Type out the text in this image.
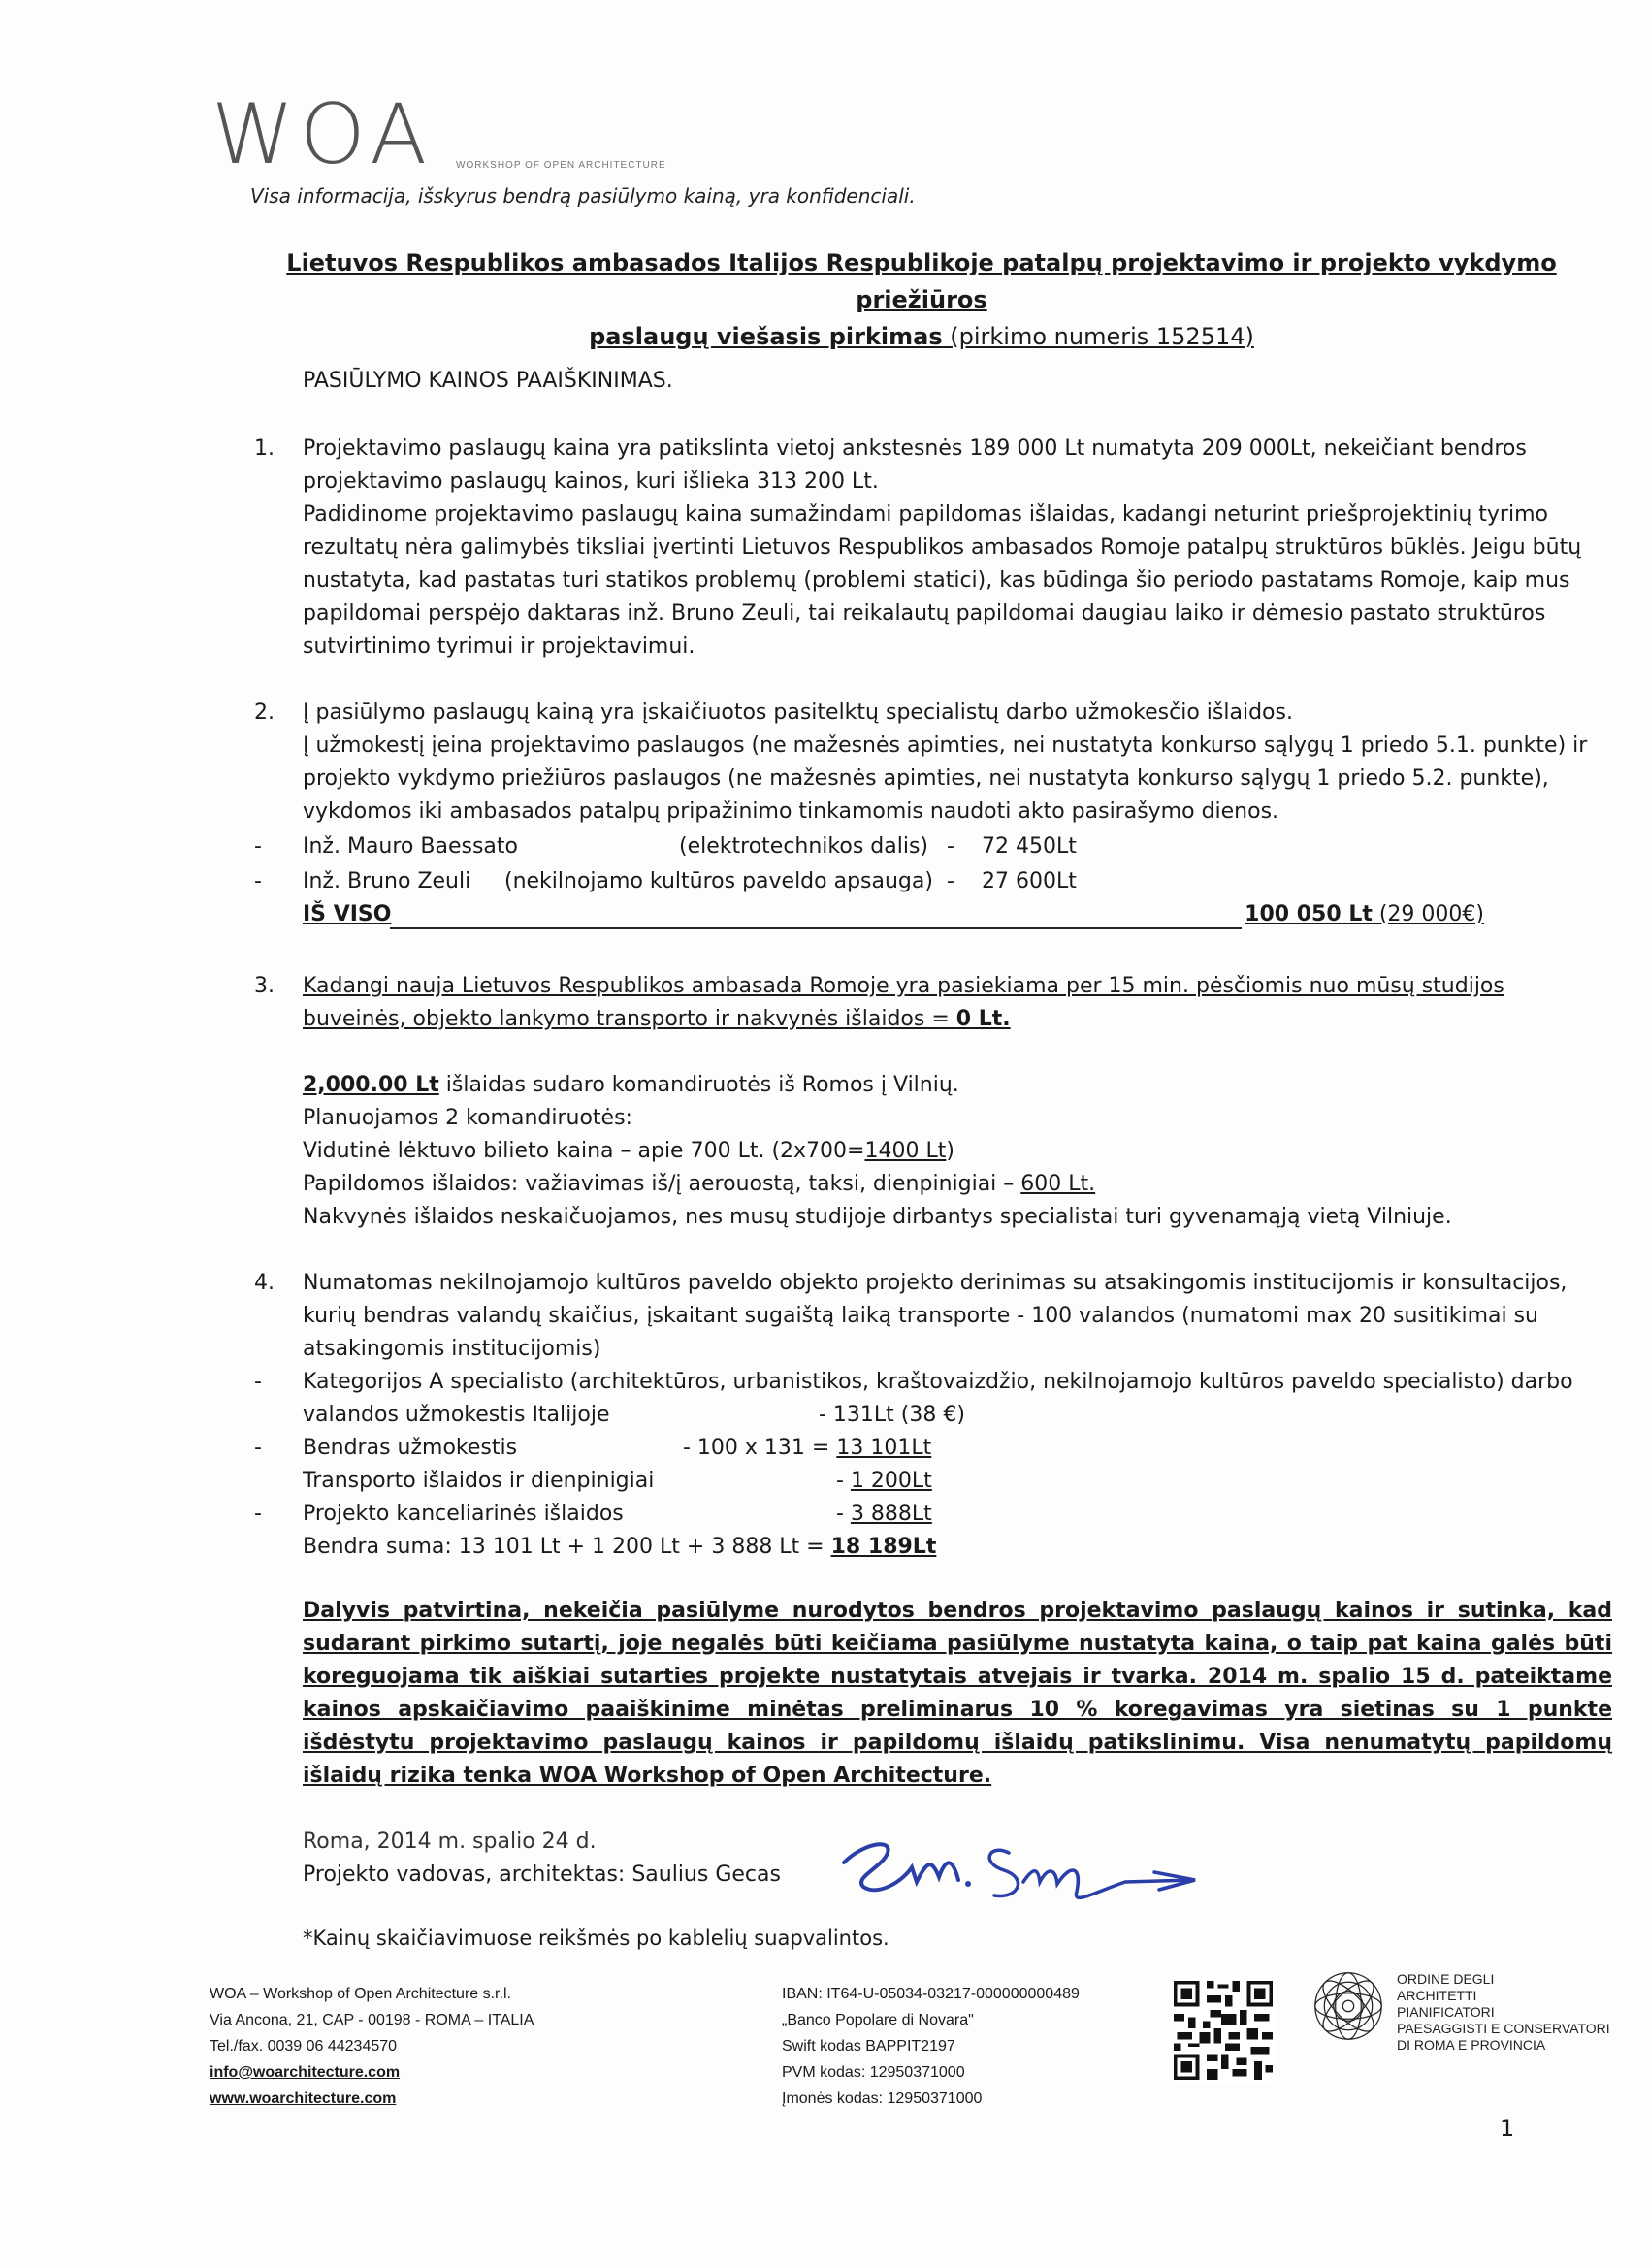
WOA WORKSHOP OF OPEN ARCHITECTURE
Visa informacija, išskyrus bendrą pasiūlymo kainą, yra konfidenciali.
Lietuvos Respublikos ambasados Italijos Respublikoje patalpų projektavimo ir projekto vykdymo priežiūros
paslaugų viešasis pirkimas (pirkimo numeris 152514)
PASIŪLYMO KAINOS PAAIŠKINIMAS.
1.	Projektavimo paslaugų kaina yra patikslinta vietoj ankstesnės 189 000 Lt numatyta 209 000Lt, nekeičiant bendros projektavimo paslaugų kainos, kuri išlieka 313 200 Lt.

Padidinome projektavimo paslaugų kaina sumažindami papildomas išlaidas, kadangi neturint priešprojektinių tyrimo rezultatų nėra galimybės tiksliai įvertinti Lietuvos Respublikos ambasados Romoje patalpų struktūros būklės. Jeigu būtų nustatyta, kad pastatas turi statikos problemų (problemi statici), kas būdinga šio periodo pastatams Romoje, kaip mus papildomai perspėjo daktaras inž. Bruno Zeuli, tai reikalautų papildomai daugiau laiko ir dėmesio pastato struktūros sutvirtinimo tyrimui ir projektavimui.

2.	Į pasiūlymo paslaugų kainą yra įskaičiuotos pasitelktų specialistų darbo užmokesčio išlaidos.

Į užmokestį įeina projektavimo paslaugos (ne mažesnės apimties, nei nustatyta konkurso sąlygų 1 priedo 5.1. punkte) ir projekto vykdymo priežiūros paslaugos (ne mažesnės apimties, nei nustatyta konkurso sąlygų 1 priedo 5.2. punkte), vykdomos iki ambasados patalpų pripažinimo tinkamomis naudoti akto pasirašymo dienos.

- Inž. Mauro Baessato	(elektrotechnikos dalis) - 72 450Lt
- Inž. Bruno Zeuli (nekilnojamo kultūros paveldo apsauga) - 27 600Lt
IŠ VISO	100 050 Lt (29 000€)
3.	Kadangi nauja Lietuvos Respublikos ambasada Romoje yra pasiekiama per 15 min. pėsčiomis nuo mūsų studijos buveinės, objekto lankymo transporto ir nakvynės išlaidos = 0 Lt.

2,000.00 Lt išlaidas sudaro komandiruotės iš Romos į Vilnių.

Planuojamos 2 komandiruotės:

Vidutinė lėktuvo bilieto kaina – apie 700 Lt. (2x700=1400 Lt)

Papildomos išlaidos: važiavimas iš/į aerouostą, taksi, dienpinigiai – 600 Lt.

Nakvynės išlaidos neskaičuojamos, nes musų studijoje dirbantys specialistai turi gyvenamąją vietą Vilniuje.

4.	Numatomas nekilnojamojo kultūros paveldo objekto projekto derinimas su atsakingomis institucijomis ir konsultacijos, kurių bendras valandų skaičius, įskaitant sugaištą laiką transporte - 100 valandos (numatomi max 20 susitikimai su atsakingomis institucijomis)

- Kategorijos A specialisto (architektūros, urbanistikos, kraštovaizdžio, nekilnojamojo kultūros paveldo specialisto) darbo
valandos užmokestis Italijoje	- 131Lt (38 €)
- Bendras užmokestis	- 100 x 131 = 13 101Lt
Transporto išlaidos ir dienpinigiai	- 1 200Lt
- Projekto kanceliarinės išlaidos	- 3 888Lt
Bendra suma: 13 101 Lt + 1 200 Lt + 3 888 Lt = 18 189Lt
Dalyvis patvirtina, nekeičia pasiūlyme nurodytos bendros projektavimo paslaugų kainos ir sutinka, kad sudarant pirkimo sutartį, joje negalės būti keičiama pasiūlyme nustatyta kaina, o taip pat kaina galės būti koreguojama tik aiškiai sutarties projekte nustatytais atvejais ir tvarka. 2014 m. spalio 15 d. pateiktame kainos apskaičiavimo paaiškinime minėtas preliminarus 10 % koregavimas yra sietinas su 1 punkte išdėstytu projektavimo paslaugų kainos ir papildomų išlaidų patikslinimu. Visa nenumatytų papildomų išlaidų rizika tenka WOA Workshop of Open Architecture.
Roma, 2014 m. spalio 24 d.
Projekto vadovas, architektas: Saulius Gecas
*Kainų skaičiavimuose reikšmės po kablelių suapvalintos.
WOA – Workshop of Open Architecture s.r.l.
Via Ancona, 21, CAP - 00198 - ROMA – ITALIA
Tel./fax. 0039 06 44234570
info@woarchitecture.com
www.woarchitecture.com
IBAN: IT64-U-05034-03217-000000000489
„Banco Popolare di Novara"
Swift kodas BAPPIT2197
PVM kodas: 12950371000
Įmonės kodas: 12950371000
ORDINE DEGLI
ARCHITETTI
PIANIFICATORI
PAESAGGISTI E CONSERVATORI
DI ROMA E PROVINCIA
1
